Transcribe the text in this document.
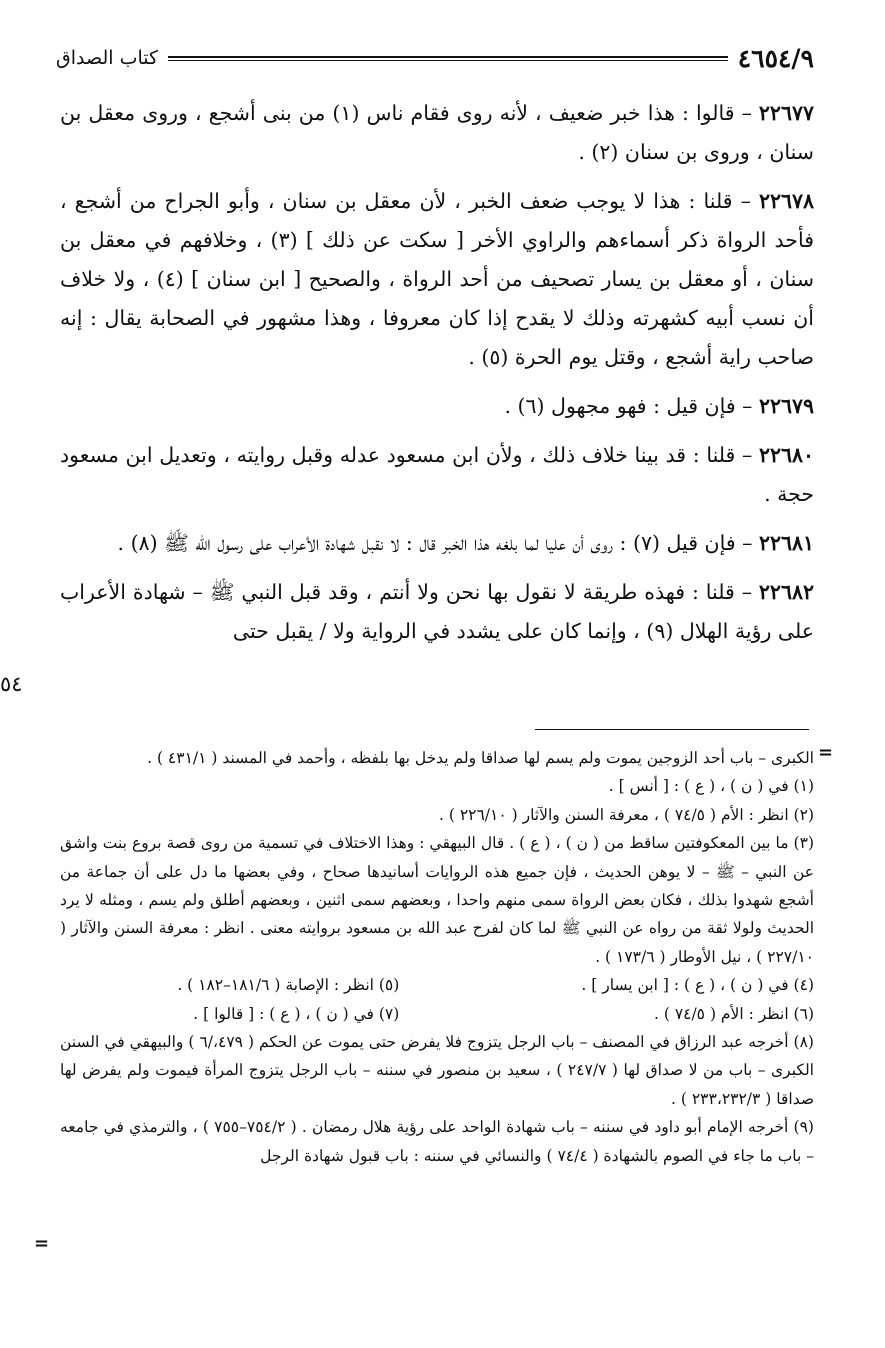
٤٦٥٤/٩
كتاب الصداق

٢٢٦٧٧ – قالوا : هذا خبر ضعيف ، لأنه روى فقام ناس (١) من بنى أشجع ، وروى معقل بن سنان ، وروى بن سنان (٢) .

٢٢٦٧٨ – قلنا : هذا لا يوجب ضعف الخبر ، لأن معقل بن سنان ، وأبو الجراح من أشجع ، فأحد الرواة ذكر أسماءهم والراوي الأخر [ سكت عن ذلك ] (٣) ، وخلافهم في معقل بن سنان ، أو معقل بن يسار تصحيف من أحد الرواة ، والصحيح [ ابن سنان ] (٤) ، ولا خلاف أن نسب أبيه كشهرته وذلك لا يقدح إذا كان معروفا ، وهذا مشهور في الصحابة يقال : إنه صاحب راية أشجع ، وقتل يوم الحرة (٥) .

٢٢٦٧٩ – فإن قيل : فهو مجهول (٦) .

٢٢٦٨٠ – قلنا : قد بينا خلاف ذلك ، ولأن ابن مسعود عدله وقبل روايته ، وتعديل ابن مسعود حجة .

٢٢٦٨١ – فإن قيل (٧) : روى أن عليا لما بلغه هذا الخبر قال : لا نقبل شهادة الأعراب على رسول الله ﷺ (٨) .

٢٢٦٨٢ – قلنا : فهذه طريقة لا نقول بها نحن ولا أنتم ، وقد قبل النبي ﷺ – شهادة الأعراب على رؤية الهلال (٩) ، وإنما كان على يشدد في الرواية ولا / يقبل حتى

٥٤
=
=

الكبرى – باب أحد الزوجين يموت ولم يسم لها صداقا ولم يدخل بها بلفظه ، وأحمد في المسند ( ٤٣١/١ ) .

(١) في ( ن ) ، ( ع ) : [ أنس ] .

(٢) انظر : الأم ( ٧٤/٥ ) ، معرفة السنن والآثار ( ٢٢٦/١٠ ) .

(٣) ما بين المعكوفتين ساقط من ( ن ) ، ( ع ) . قال البيهقي : وهذا الاختلاف في تسمية من روى قصة بروع بنت واشق عن النبي – ﷺ – لا يوهن الحديث ، فإن جميع هذه الروايات أسانيدها صحاح ، وفي بعضها ما دل على أن جماعة من أشجع شهدوا بذلك ، فكان بعض الرواة سمى منهم واحدا ، وبعضهم سمى اثنين ، وبعضهم أطلق ولم يسم ، ومثله لا يرد الحديث ولولا ثقة من رواه عن النبي ﷺ لما كان لفرح عبد الله بن مسعود بروايته معنى . انظر : معرفة السنن والآثار ( ٢٢٧/١٠ ) ، نيل الأوطار ( ١٧٣/٦ ) .

(٤) في ( ن ) ، ( ع ) : [ ابن يسار ] .
(٥) انظر : الإصابة ( ١٨١/٦–١٨٢ ) .

(٦) انظر : الأم ( ٧٤/٥ ) .
(٧) في ( ن ) ، ( ع ) : [ قالوا ] .

(٨) أخرجه عبد الرزاق في المصنف – باب الرجل يتزوج فلا يفرض حتى يموت عن الحكم ( ٤٧٩،/٦ ) والبيهقي في السنن الكبرى – باب من لا صداق لها ( ٢٤٧/٧ ) ، سعيد بن منصور في سننه – باب الرجل يتزوج المرأة فيموت ولم يفرض لها صداقا ( ٢٣٣،٢٣٢/٣ ) .

(٩) أخرجه الإمام أبو داود في سننه – باب شهادة الواحد على رؤية هلال رمضان . ( ٧٥٤/٢–٧٥٥ ) ، والترمذي في جامعه – باب ما جاء في الصوم بالشهادة ( ٧٤/٤ ) والنسائي في سننه : باب قبول شهادة الرجل
